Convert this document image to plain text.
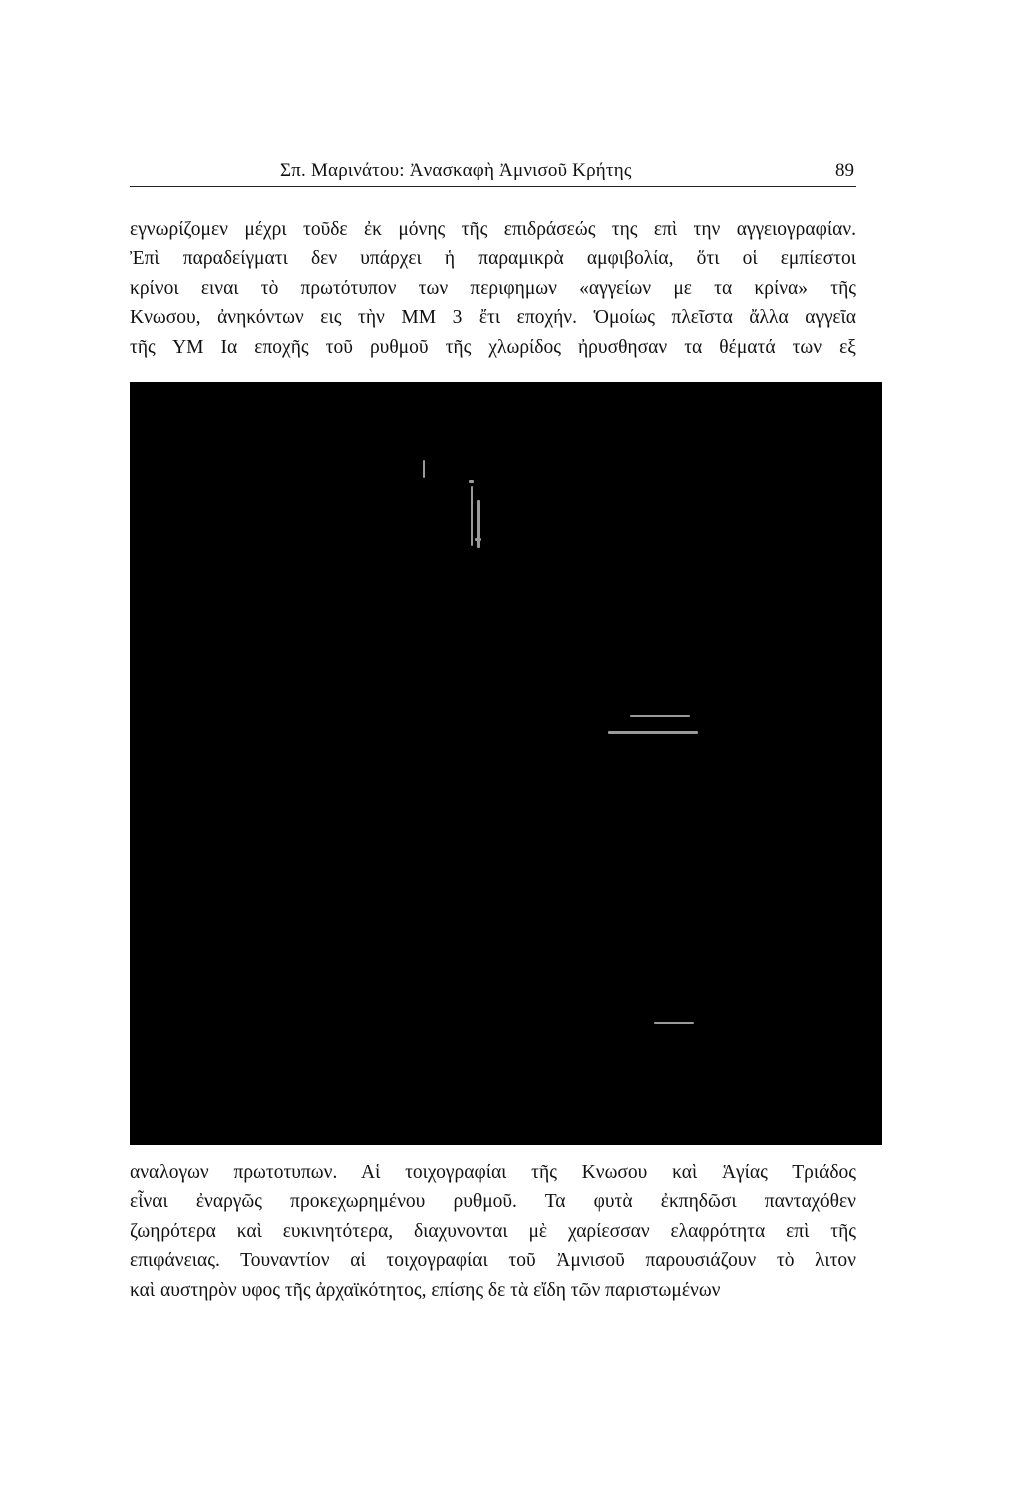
Σπ. Μαρινάτου: Ἀνασκαφὴ Ἀμνισοῦ Κρήτης	89
εγνωρίζομεν μέχρι τοῦδε ἐκ μόνης τῆς επιδράσεώς της επὶ την αγγειογραφίαν.
Ἐπὶ παραδείγματι δεν υπάρχει ἡ παραμικρὰ αμφιβολία, ὅτι οἱ εμπίεστοι
κρίνοι ειναι τὸ πρωτότυπον των περιφημων «αγγείων με τα κρίνα» τῆς
Κνωσου, ἀνηκόντων εις τὴν ΜΜ 3 ἔτι εποχήν. Ὁμοίως πλεῖστα ἄλλα αγγεῖα
τῆς ΥΜ Ια εποχῆς τοῦ ρυθμοῦ τῆς χλωρίδος ἠρυσθησαν τα θέματά των εξ
αναλογων πρωτοτυπων. Αἱ τοιχογραφίαι τῆς Κνωσου καὶ Ἁγίας Τριάδος
εἶναι ἐναργῶς προκεχωρημένου ρυθμοῦ. Τα φυτὰ ἐκπηδῶσι πανταχόθεν
ζωηρότερα καὶ ευκινητότερα, διαχυνονται μὲ χαρίεσσαν ελαφρότητα επὶ τῆς
επιφάνειας. Τουναντίον αἱ τοιχογραφίαι τοῦ Ἀμνισοῦ παρουσιάζουν τὸ λιτον
καὶ αυστηρὸν υφος τῆς ἀρχαϊκότητος, επίσης δε τὰ εἴδη τῶν παριστωμένων
